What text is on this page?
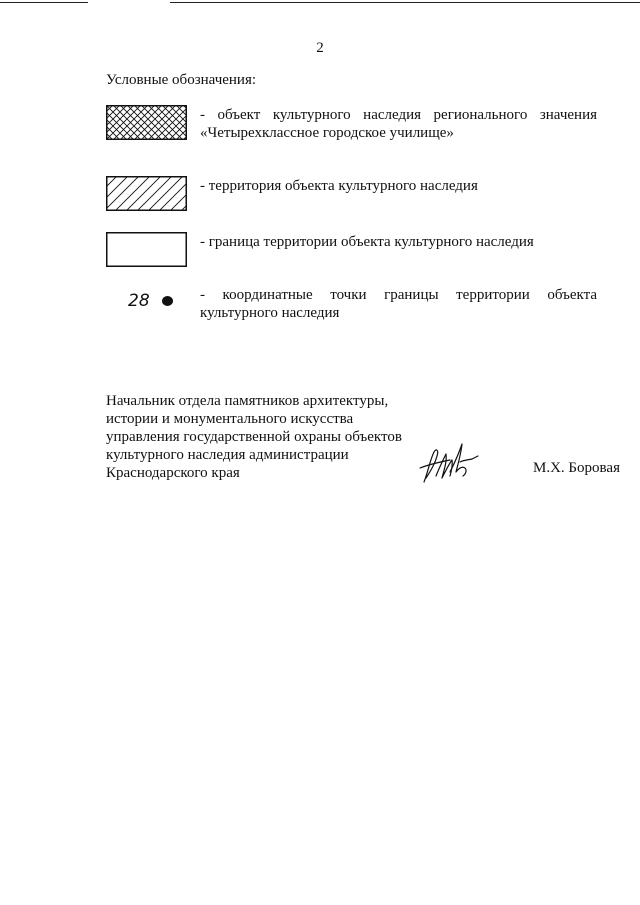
2
Условные обозначения:
- объект культурного наследия регионального значения
«Четырехклассное городское училище»
- территория объекта культурного наследия
- граница территории объекта культурного наследия
28	- координатные точки границы территории объекта
культурного наследия
Начальник отдела памятников архитектуры,
истории и монументального искусства
управления государственной охраны объектов
культурного наследия администрации
Краснодарского края	М.Х. Боровая
